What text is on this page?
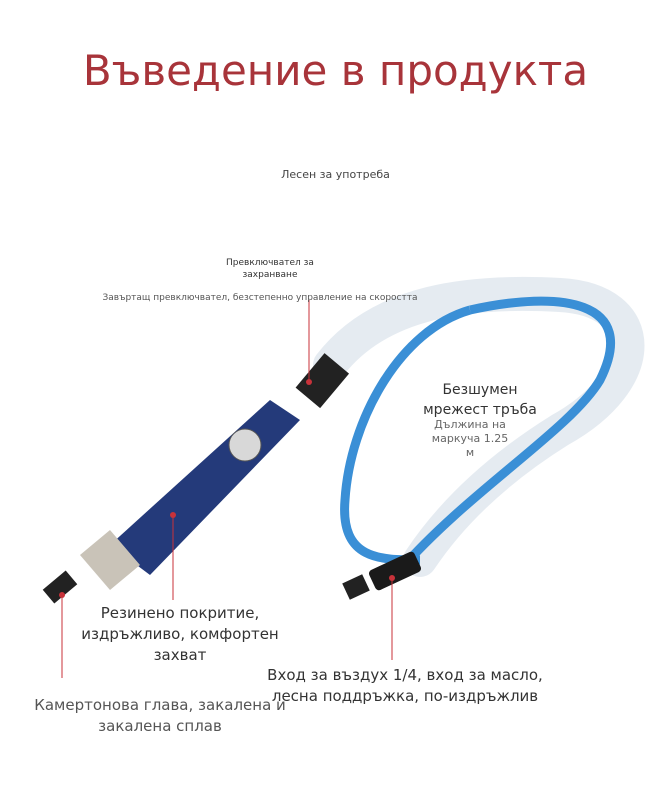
Въведение в продукта
Лесен за употреба
Превключвател за захранване
Завъртащ превключвател, безстепенно управление на скоростта
Безшумен мрежест тръба
Дължина на маркуча 1.25 м
Резинено покритие, издръжливо, комфортен захват
Камертонова глава, закалена и закалена сплав
Вход за въздух 1/4, вход за масло, лесна поддръжка, по-издръжлив
